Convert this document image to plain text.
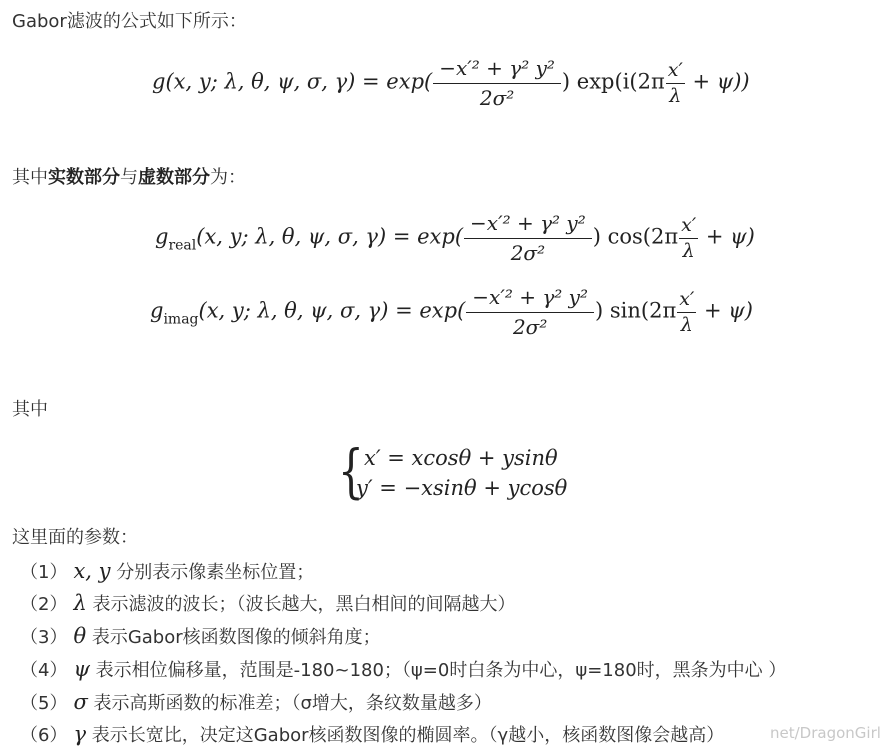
Gabor滤波的公式如下所示：
g(x, y; λ, θ, ψ, σ, $\gamma) = \exp( \frac{\text{−x′² + γ² y²}}{\text{2σ²}}$ ) $\exp(i(2\pi \frac{x'}{\lambda} + \psi))$
其中实数部分与虚数部分为：
$g_{real}(x$, y; λ, θ, ψ, σ, $\gamma) = \exp( \frac{\text{−x′² + γ² y²}}{\text{2σ²}}$ ) $\cos(2\pi \frac{x'}{\lambda} + \psi)$
$g_{imag}(x$, y; λ, θ, ψ, σ, $\gamma) = \exp( \frac{\text{−x′² + γ² y²}}{\text{2σ²}}$ ) $\sin(2\pi \frac{x'}{\lambda} + \psi)$
其中
{ x′ = xcosθ + ysinθ
y′ = −xsinθ + ycosθ
这里面的参数：
（1） x, y 分别表示像素坐标位置；
（2） λ 表示滤波的波长；（波长越大，黑白相间的间隔越大）
（3） θ 表示Gabor核函数图像的倾斜角度；
（4） ψ 表示相位偏移量，范围是-180~180；（ψ=0时白条为中心，ψ=180时，黑条为中心 ）
（5） σ 表示高斯函数的标准差；（σ增大，条纹数量越多）
（6） γ 表示长宽比，决定这Gabor核函数图像的椭圆率。（γ越小，核函数图像会越高）	net/DragonGirl
